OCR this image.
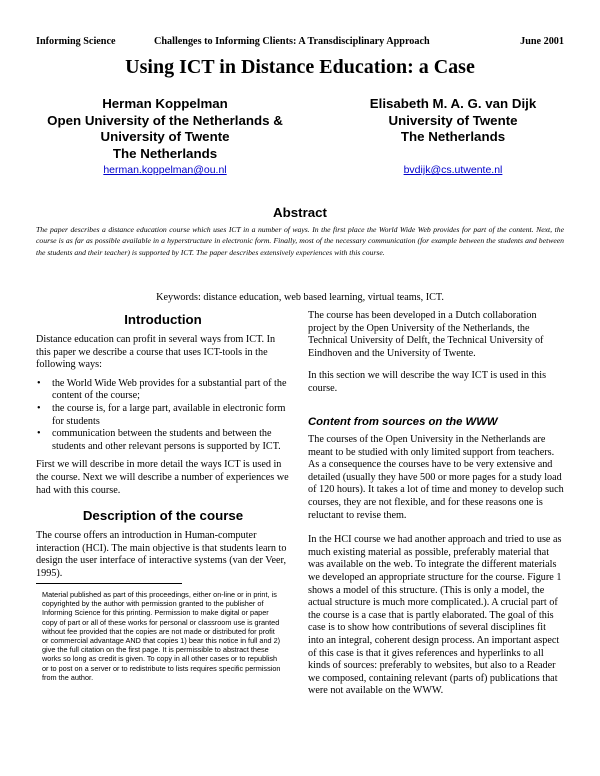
Informing Science	Challenges to Informing Clients: A Transdisciplinary Approach	June 2001
Using ICT in Distance Education: a Case
Herman Koppelman
Open University of the Netherlands &
University of Twente
The Netherlands
Elisabeth M. A. G. van Dijk
University of Twente
The Netherlands
herman.koppelman@ou.nl	bvdijk@cs.utwente.nl
Abstract
The paper describes a distance education course which uses ICT in a number of ways. In the first place the World Wide Web provides for part of the content. Next, the course is as far as possible available in a hyperstructure in electronic form. Finally, most of the necessary communication (for example between the students and between the students and their teacher) is supported by ICT. The paper describes extensively experiences with this course.
Keywords: distance education, web based learning, virtual teams, ICT.
Introduction

Distance education can profit in several ways from ICT. In this paper we describe a course that uses ICT-tools in the following ways:

• the World Wide Web provides for a substantial part of the content of the course;
• the course is, for a large part, available in electronic form for students
• communication between the students and between the students and other relevant persons is supported by ICT.

First we will describe in more detail the ways ICT is used in the course. Next we will describe a number of experiences we had with this course.

Description of the course

The course offers an introduction in Human-computer interaction (HCI). The main objective is that students learn to design the user interface of interactive systems (van der Veer, 1995).

Material published as part of this proceedings, either on-line or in print, is copyrighted by the author with permission granted to the publisher of Informing Science for this printing. Permission to make digital or paper copy of part or all of these works for personal or classroom use is granted without fee provided that the copies are not made or distributed for profit or commercial advantage AND that copies 1) bear this notice in full and 2) give the full citation on the first page. It is permissible to abstract these works so long as credit is given. To copy in all other cases or to republish or to post on a server or to redistribute to lists requires specific permission from the author.

The course has been developed in a Dutch collaboration project by the Open University of the Netherlands, the Technical University of Delft, the Technical University of Eindhoven and the University of Twente.

In this section we will describe the way ICT is used in this course.

Content from sources on the WWW

The courses of the Open University in the Netherlands are meant to be studied with only limited support from teachers. As a consequence the courses have to be very extensive and detailed (usually they have 500 or more pages for a study load of 120 hours). It takes a lot of time and money to develop such courses, they are not flexible, and for these reasons one is reluctant to revise them.

In the HCI course we had another approach and tried to use as much existing material as possible, preferably material that was available on the web. To integrate the different materials we developed an appropriate structure for the course. Figure 1 shows a model of this structure. (This is only a model, the actual structure is much more complicated.). A crucial part of the course is a case that is partly elaborated. The goal of this case is to show how contributions of several disciplines fit into an integral, coherent design process. An important aspect of this case is that it gives references and hyperlinks to all kinds of sources: preferably to websites, but also to a Reader we composed, containing relevant (parts of) publications that were not available on the WWW.
